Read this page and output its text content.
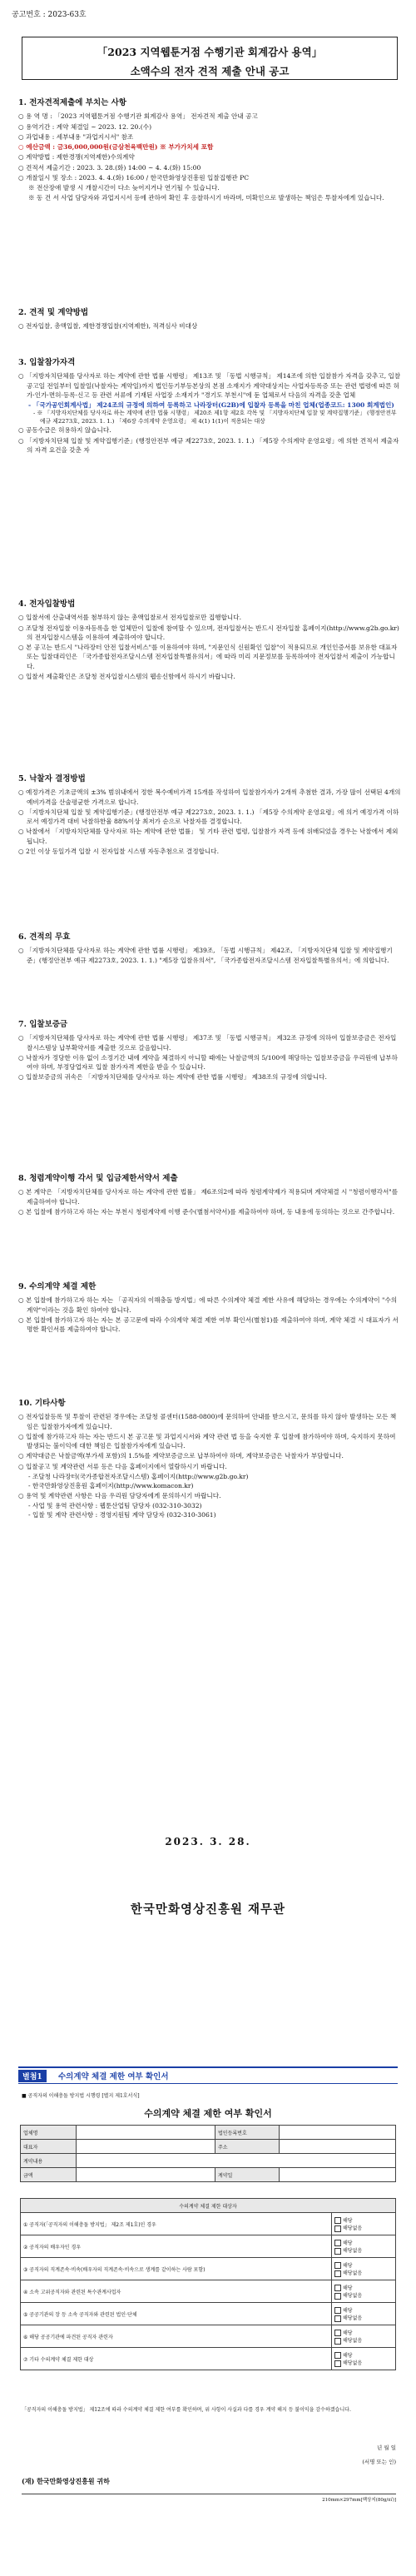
공고번호 : 2023-63호
「2023 지역웹툰거점 수행기관 회계감사 용역」
소액수의 전자 견적 제출 안내 공고
1. 전자견적제출에 부치는 사항
○ 용 역 명 : 「2023 지역웹툰거점 수행기관 회계감사 용역」 전자견적 제출 안내 공고
○ 용역기간 : 계약 체결일 ~ 2023. 12. 20.(수)
○ 과업내용 : 세부내용 "과업지시서" 참조
○ 예산금액 : 금36,000,000원(금삼천육백만원) ※ 부가가치세 포함
○ 계약방법 : 제한경쟁(지역제한)수의계약
○ 견적서 제출기간 : 2023. 3. 28.(화) 14:00 ~ 4. 4.(화) 15:00
○ 개찰일시 및 장소 : 2023. 4. 4.(화) 16:00 / 한국만화영상진흥원 입찰집행관 PC
※ 전산장애 발생 시 개찰시간이 다소 늦어지거나 연기될 수 있습니다.
※ 동 건 서 사업 담당자와 과업지시서 등에 관하여 확인 후 응찰하시기 바라며, 미확인으로 발생하는 책임은 투찰자에게 있습니다.
2. 견적 및 계약방법
○ 전자입찰, 총액입찰, 제한경쟁입찰(지역제한), 적격심사 비대상
3. 입찰참가자격
○ 「지방자치단체를 당사자로 하는 계약에 관한 법률 시행령」 제13조 및 「동법 시행규칙」 제14조에 의한 입찰참가 자격을 갖추고, 입찰공고일 전일부터 입찰일(낙찰자는 계약일)까지 법인등기부등본상의 본점 소재지가 계약대상지는 사업자등록증 또는 관련 법령에 따른 허가·인가·면허·등록·신고 등 관련 서류에 기재된 사업장 소재지가 "경기도 부천시"에 둔 업체로서 다음의 자격을 갖춘 업체
- 「국가공인회계사법」 제24조의 규정에 의하여 등록하고 나라장터(G2B)에 입찰자 등록을 마친 업체(업종코드: 1300 회계법인)
- ※ 「지방자치단체를 당사자로 하는 계약에 관한 법률 시행령」 제20조 제1항 제2호 각목 및 「지방자치단체 입찰 및 계약집행기준」 (행정안전부 예규 제2273호, 2023. 1. 1.) 「제6장 수의계약 운영요령」 제 4(1) 1(1)이 적용되는 대상
○ 공동수급은 허용하지 않습니다.
○ 「지방자치단체 입찰 및 계약집행기준」(행정안전부 예규 제2273호, 2023. 1. 1.) 「제5장 수의계약 운영요령」에 의한 견적서 제출자의 자격 요건을 갖춘 자
4. 전자입찰방법
○ 입찰서에 산출내역서를 첨부하지 않는 총액입찰로서 전자입찰로만 집행합니다.
○ 조달청 전자입찰 이용자등록을 한 업체만이 입찰에 참여할 수 있으며, 전자입찰서는 반드시 전자입찰 홈페이지(http://www.g2b.go.kr)의 전자입찰시스템을 이용하여 제출하여야 합니다.
○ 본 공고는 반드시 "나라장터 안전 입찰서비스"를 이용하여야 하며, "지문인식 신원확인 입찰"이 적용되므로 개인인증서를 보유한 대표자 또는 입찰대리인은 「국가종합전자조달시스템 전자입찰특별유의서」에 따라 미리 지문정보를 등록하여야 전자입찰서 제출이 가능합니다.
○ 입찰서 제출확인은 조달청 전자입찰시스템의 웹송신함에서 하시기 바랍니다.
5. 낙찰자 결정방법
○ 예정가격은 기초금액의 ±3% 범위내에서 정한 복수예비가격 15개를 작성하여 입찰참가자가 2개씩 추첨한 결과, 가장 많이 선택된 4개의 예비가격을 산술평균한 가격으로 합니다.
○ 「지방자치단체 입찰 및 계약집행기준」(행정안전부 예규 제2273호, 2023. 1. 1.) 「제5장 수의계약 운영요령」에 의거 예정가격 이하로서 예정가격 대비 낙찰하한율 88%이상 최저가 순으로 낙찰자를 결정합니다.
○ 낙찰에서 「지방자치단체를 당사자로 하는 계약에 관한 법률」 및 기타 관련 법령, 입찰참가 자격 등에 위배되었을 경우는 낙찰에서 제외됩니다.
○ 2인 이상 동일가격 입찰 시 전자입찰 시스템 자동추첨으로 결정합니다.
6. 견적의 무효
○ 「지방자치단체를 당사자로 하는 계약에 관한 법률 시행령」 제39조, 「동법 시행규칙」 제42조, 「지방자치단체 입찰 및 계약집행기준」(행정안전부 예규 제2273호, 2023. 1. 1.) "제5장 입찰유의서", 「국가종합전자조달시스템 전자입찰특별유의서」에 의합니다.
7. 입찰보증금
○ 「지방자치단체를 당사자로 하는 계약에 관한 법률 시행령」 제37조 및 「동법 시행규칙」 제32조 규정에 의하여 입찰보증금은 전자입찰시스템상 납부확약서를 제출한 것으로 갈음합니다.
○ 낙찰자가 정당한 이유 없이 소정기간 내에 계약을 체결하지 아니할 때에는 낙찰금액의 5/100에 해당하는 입찰보증금을 우리원에 납부하여야 하며, 부정당업자로 입찰 참가자격 제한을 받을 수 있습니다.
○ 입찰보증금의 귀속은 「지방자치단체를 당사자로 하는 계약에 관한 법률 시행령」 제38조의 규정에 의합니다.
8. 청렴계약이행 각서 및 입금제한서약서 제출
○ 본 계약은 「지방자치단체를 당사자로 하는 계약에 관한 법률」 제6조의2에 따라 청렴계약제가 적용되며 계약체결 시 "청렴이행각서"를 제출하여야 합니다.
○ 본 입찰에 참가하고자 하는 자는 부천시 청렴계약제 이행 준수(별첨서약서)를 제출하여야 하며, 동 내용에 동의하는 것으로 간주합니다.
9. 수의계약 체결 제한
○ 본 입찰에 참가하고자 하는 자는 「공직자의 이해충돌 방지법」에 따른 수의계약 체결 제한 사유에 해당하는 경우에는 수의계약이 "수의계약"이라는 것을 확인 하여야 합니다.
○ 본 입찰에 참가하고자 하는 자는 본 공고문에 따라 수의계약 체결 제한 여부 확인서(별첨1)를 제출하여야 하며, 계약 체결 시 대표자가 서명한 확인서를 제출하여야 합니다.
10. 기타사항
○ 전자입찰등록 및 투찰이 관련된 경우에는 조달청 콜센터(1588-0800)에 문의하여 안내를 받으시고, 문의를 하지 않아 발생하는 모든 책임은 입찰참가자에게 있습니다.
○ 입찰에 참가하고자 하는 자는 반드시 본 공고문 및 과업지시서와 계약 관련 법 등을 숙지한 후 입찰에 참가하여야 하며, 숙지하지 못하여 발생되는 불이익에 대한 책임은 입찰참가자에게 있습니다.
○ 계약대금은 낙찰금액(부가세 포함)의 1.5%를 계약보증금으로 납부하여야 하며, 계약보증금은 낙찰자가 부담합니다.
○ 입찰공고 및 계약관련 서류 등은 다음 홈페이지에서 열람하시기 바랍니다.
- 조달청 나라장터(국가종합전자조달시스템) 홈페이지(http://www.g2b.go.kr)
- 한국만화영상진흥원 홈페이지(http://www.komacon.kr)
○ 용역 및 계약관련 사항은 다음 우리원 담당자에게 문의하시기 바랍니다.
- 사업 및 용역 관련사항 : 웹툰산업팀 담당자 (032-310-3032)
- 입찰 및 계약 관련사항 : 경영지원팀 계약 담당자 (032-310-3061)
2023. 3. 28.
한국만화영상진흥원 재무관
별첨1	수의계약 체결 제한 여부 확인서
■ 공직자의 이해충돌 방지법 시행령 [별지 제1호서식]
수의계약 체결 제한 여부 확인서
업체명		법인등록번호	
대표자		주소	
계약내용			
금액		계약일	
수의계약 체결 제한 대상자	
① 공직자(「공직자의 이해충돌 방지법」 제2조 제1호)인 경우	해당
해당없음
② 공직자의 배우자인 경우	해당
해당없음
③ 공직자의 직계존속·비속(배우자의 직계존속·비속으로 생계를 같이하는 사람 포함)	해당
해당없음
④ 소속 고위공직자와 관련된 특수관계사업자	해당
해당없음
⑤ 공공기관의 장 등 소속 공직자와 관련된 법인·단체	해당
해당없음
⑥ 해당 공공기관에 파견된 공직자 관련자	해당
해당없음
⑦ 기타 수의계약 체결 제한 대상	해당
해당없음
「공직자의 이해충돌 방지법」 제12조에 따라 수의계약 체결 제한 여부를 확인하며, 위 사항이 사실과 다를 경우 계약 해지 등 불이익을 감수하겠습니다.
년 월 일
(서명 또는 인)
(재) 한국만화영상진흥원 귀하
210mm×297mm[백상지(80g/㎡)]
